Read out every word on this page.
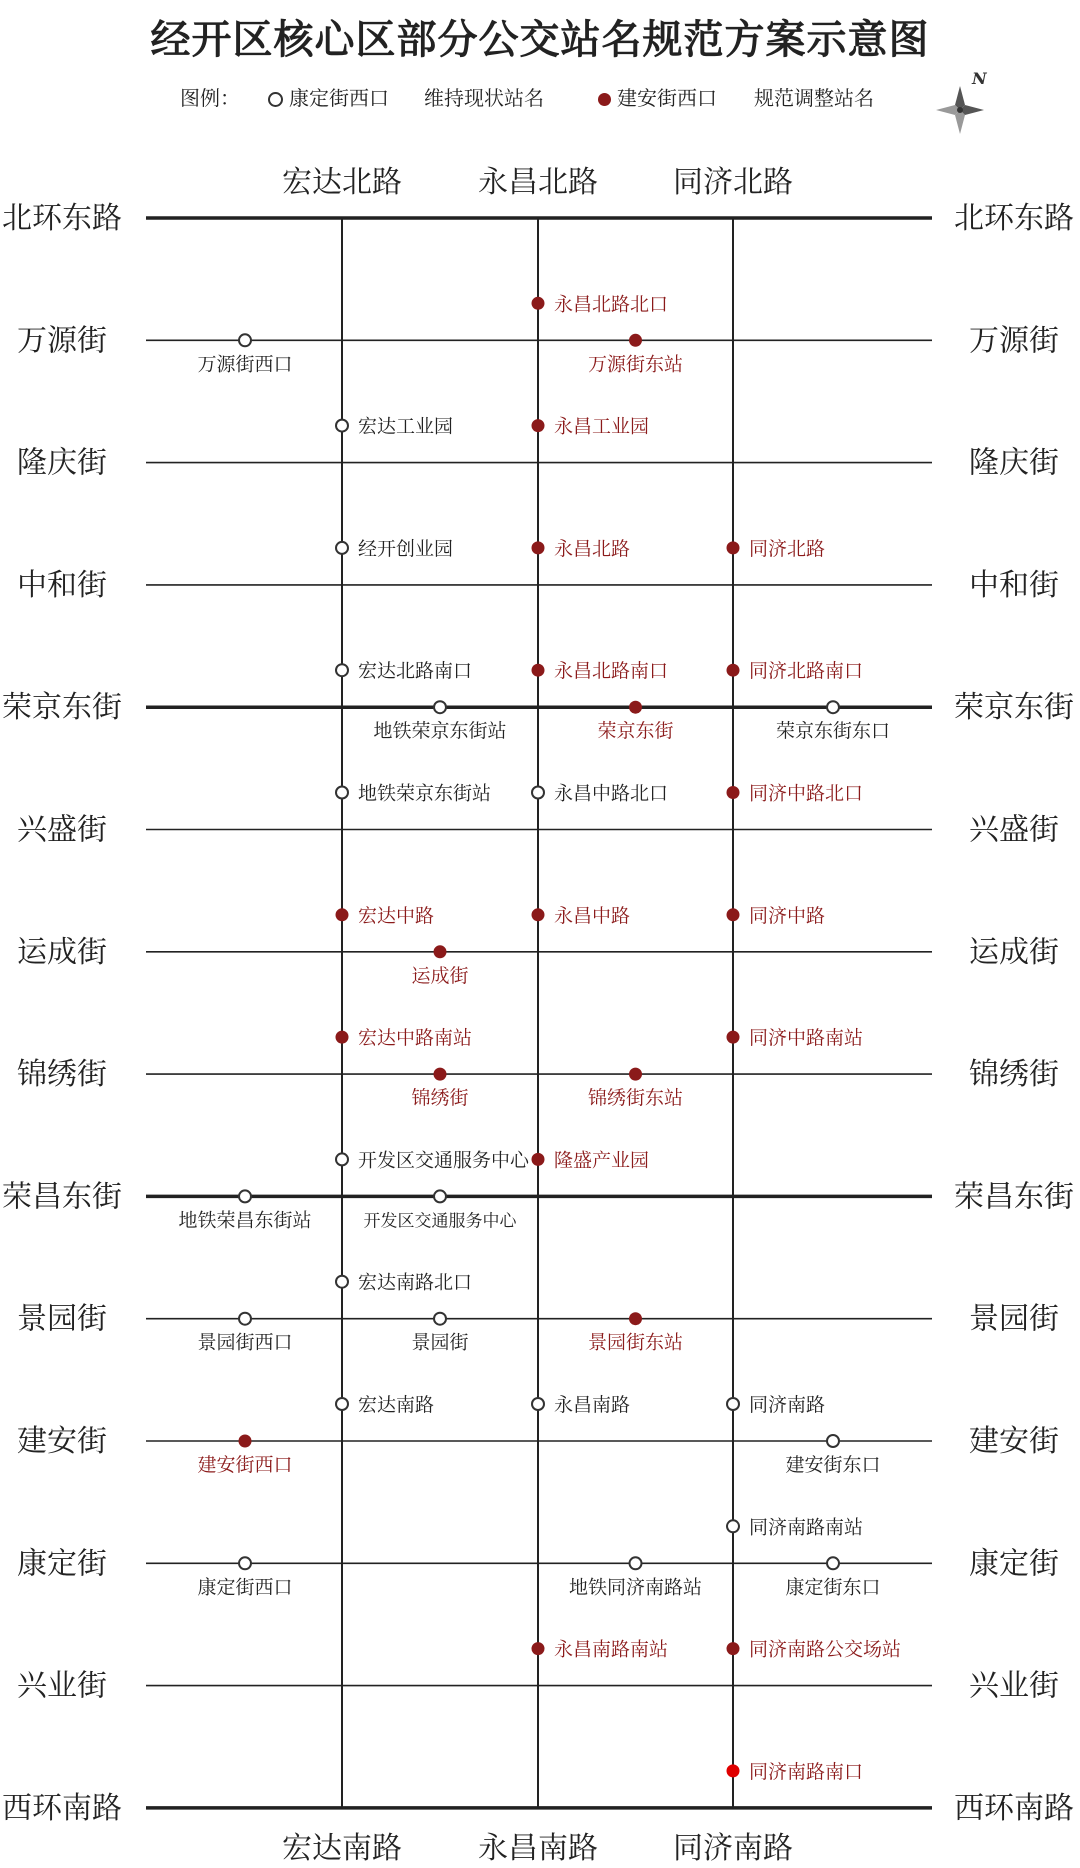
经开区核心区部分公交站名规范方案示意图
图例：	康定街西口 维持现状站名	建安街西口 规范调整站名
N
北环东路	北环东路
万源街	万源街
隆庆街	隆庆街
中和街	中和街
荣京东街	荣京东街
兴盛街	兴盛街
运成街	运成街
锦绣街	锦绣街
荣昌东街	荣昌东街
景园街	景园街
建安街	建安街
康定街	康定街
兴业街	兴业街
西环南路	西环南路
宏达北路
宏达南路
永昌北路
永昌南路
同济北路
同济南路
永昌北路北口
万源街西口	万源街东站
宏达工业园	永昌工业园
经开创业园	永昌北路	同济北路
宏达北路南口	永昌北路南口	同济北路南口
地铁荣京东街站	荣京东街	荣京东街东口
地铁荣京东街站	永昌中路北口	同济中路北口
宏达中路	永昌中路	同济中路
运成街
宏达中路南站	同济中路南站
锦绣街	锦绣街东站
开发区交通服务中心 隆盛产业园
地铁荣昌东街站	开发区交通服务中心
宏达南路北口
景园街西口	景园街	景园街东站
宏达南路	永昌南路	同济南路
建安街西口	建安街东口
同济南路南站
康定街西口	地铁同济南路站	康定街东口
永昌南路南站	同济南路公交场站
同济南路南口
